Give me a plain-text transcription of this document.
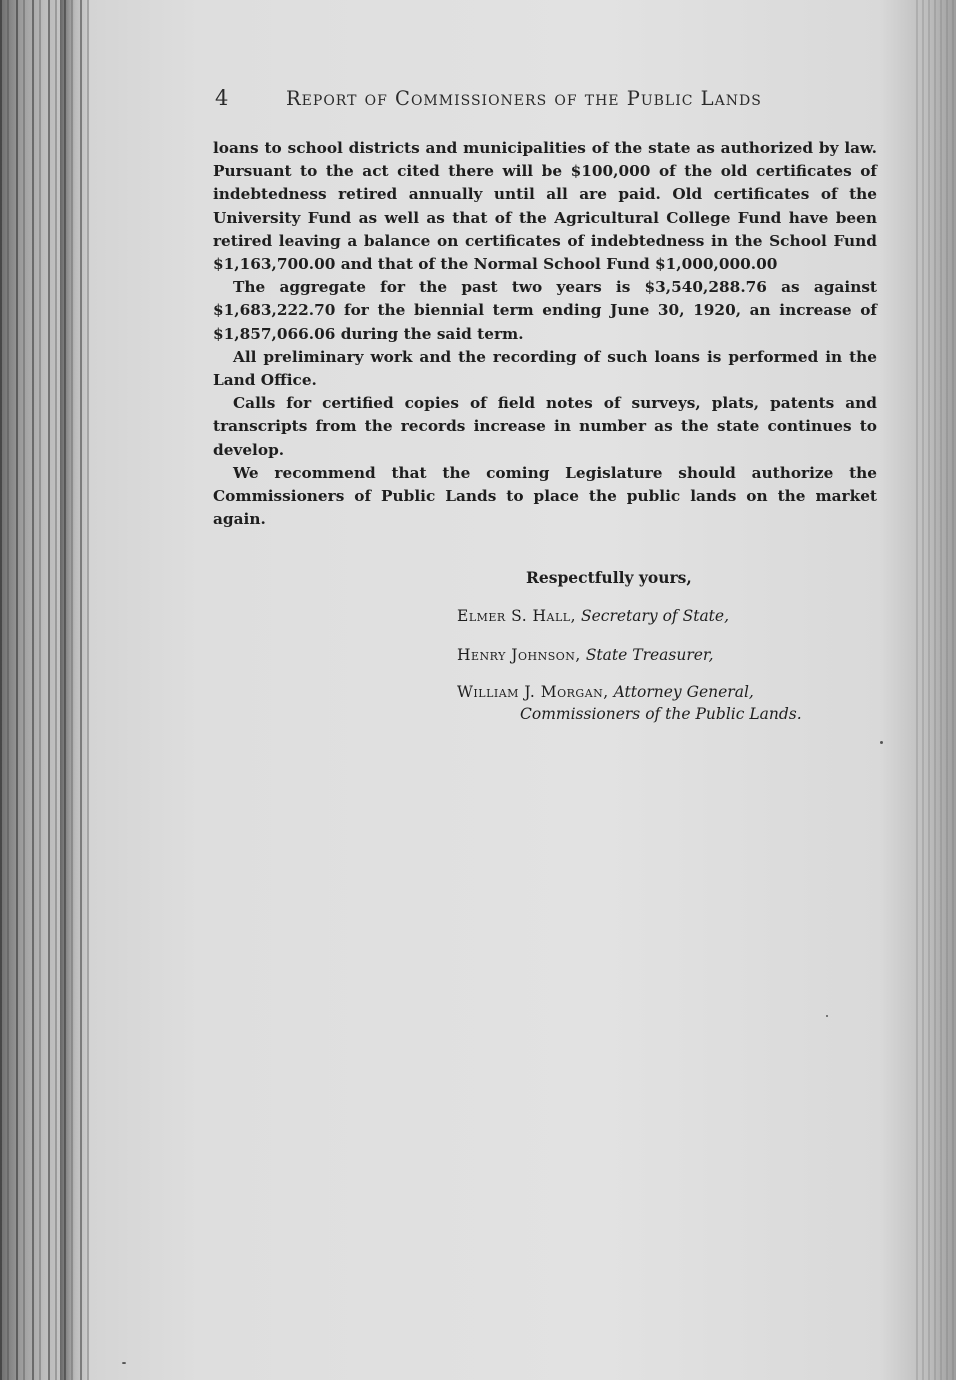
4	Report of Commissioners of the Public Lands

loans to school districts and municipalities of the state as authorized by law. Pursuant to the act cited there will be $100,000 of the old certificates of indebtedness retired annually until all are paid. Old certificates of the University Fund as well as that of the Agricultural College Fund have been retired leaving a balance on certificates of indebtedness in the School Fund $1,163,700.00 and that of the Normal School Fund $1,000,000.00

The aggregate for the past two years is $3,540,288.76 as against $1,683,222.70 for the biennial term ending June 30, 1920, an increase of $1,857,066.06 during the said term.

All preliminary work and the recording of such loans is performed in the Land Office.

Calls for certified copies of field notes of surveys, plats, patents and transcripts from the records increase in number as the state continues to develop.

We recommend that the coming Legislature should authorize the Commissioners of Public Lands to place the public lands on the market again.

Respectfully yours,
Elmer S. Hall, Secretary of State,
Henry Johnson, State Treasurer,
William J. Morgan, Attorney General,
Commissioners of the Public Lands.
